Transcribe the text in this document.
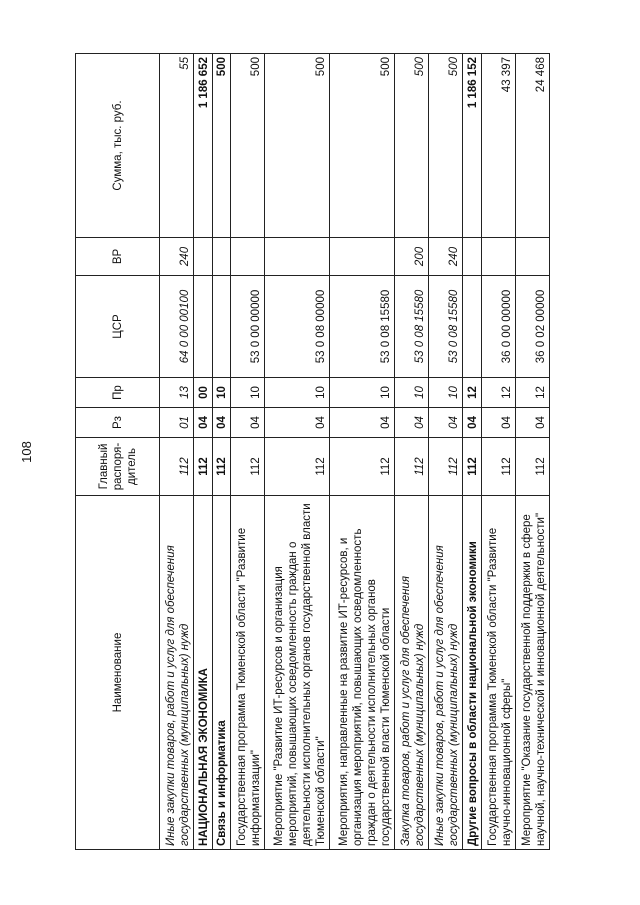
108
Наименование	Главный распоря-дитель	Рз	Пр	ЦСР	ВР	Сумма, тыс. руб.
Иные закупки товаров, работ и услуг для обеспечения государственных (муниципальных) нужд	112	01	13	64 0 00 00100	240	55
НАЦИОНАЛЬНАЯ ЭКОНОМИКА	112	04	00			1 186 652
Связь и информатика	112	04	10			500
Государственная программа Тюменской области "Развитие информатизации"	112	04	10	53 0 00 00000		500
Мероприятие "Развитие ИТ-ресурсов и организация мероприятий, повышающих осведомленность граждан о деятельности исполнительных органов государственной власти Тюменской области"	112	04	10	53 0 08 00000		500
Мероприятия, направленные на развитие ИТ-ресурсов, и организация мероприятий, повышающих осведомленность граждан о деятельности исполнительных органов государственной власти Тюменской области	112	04	10	53 0 08 15580		500
Закупка товаров, работ и услуг для обеспечения государственных (муниципальных) нужд	112	04	10	53 0 08 15580	200	500
Иные закупки товаров, работ и услуг для обеспечения государственных (муниципальных) нужд	112	04	10	53 0 08 15580	240	500
Другие вопросы в области национальной экономики	112	04	12			1 186 152
Государственная программа Тюменской области "Развитие научно-инновационной сферы"	112	04	12	36 0 00 00000		43 397
Мероприятие "Оказание государственной поддержки в сфере научной, научно-технической и инновационной деятельности"	112	04	12	36 0 02 00000		24 468
